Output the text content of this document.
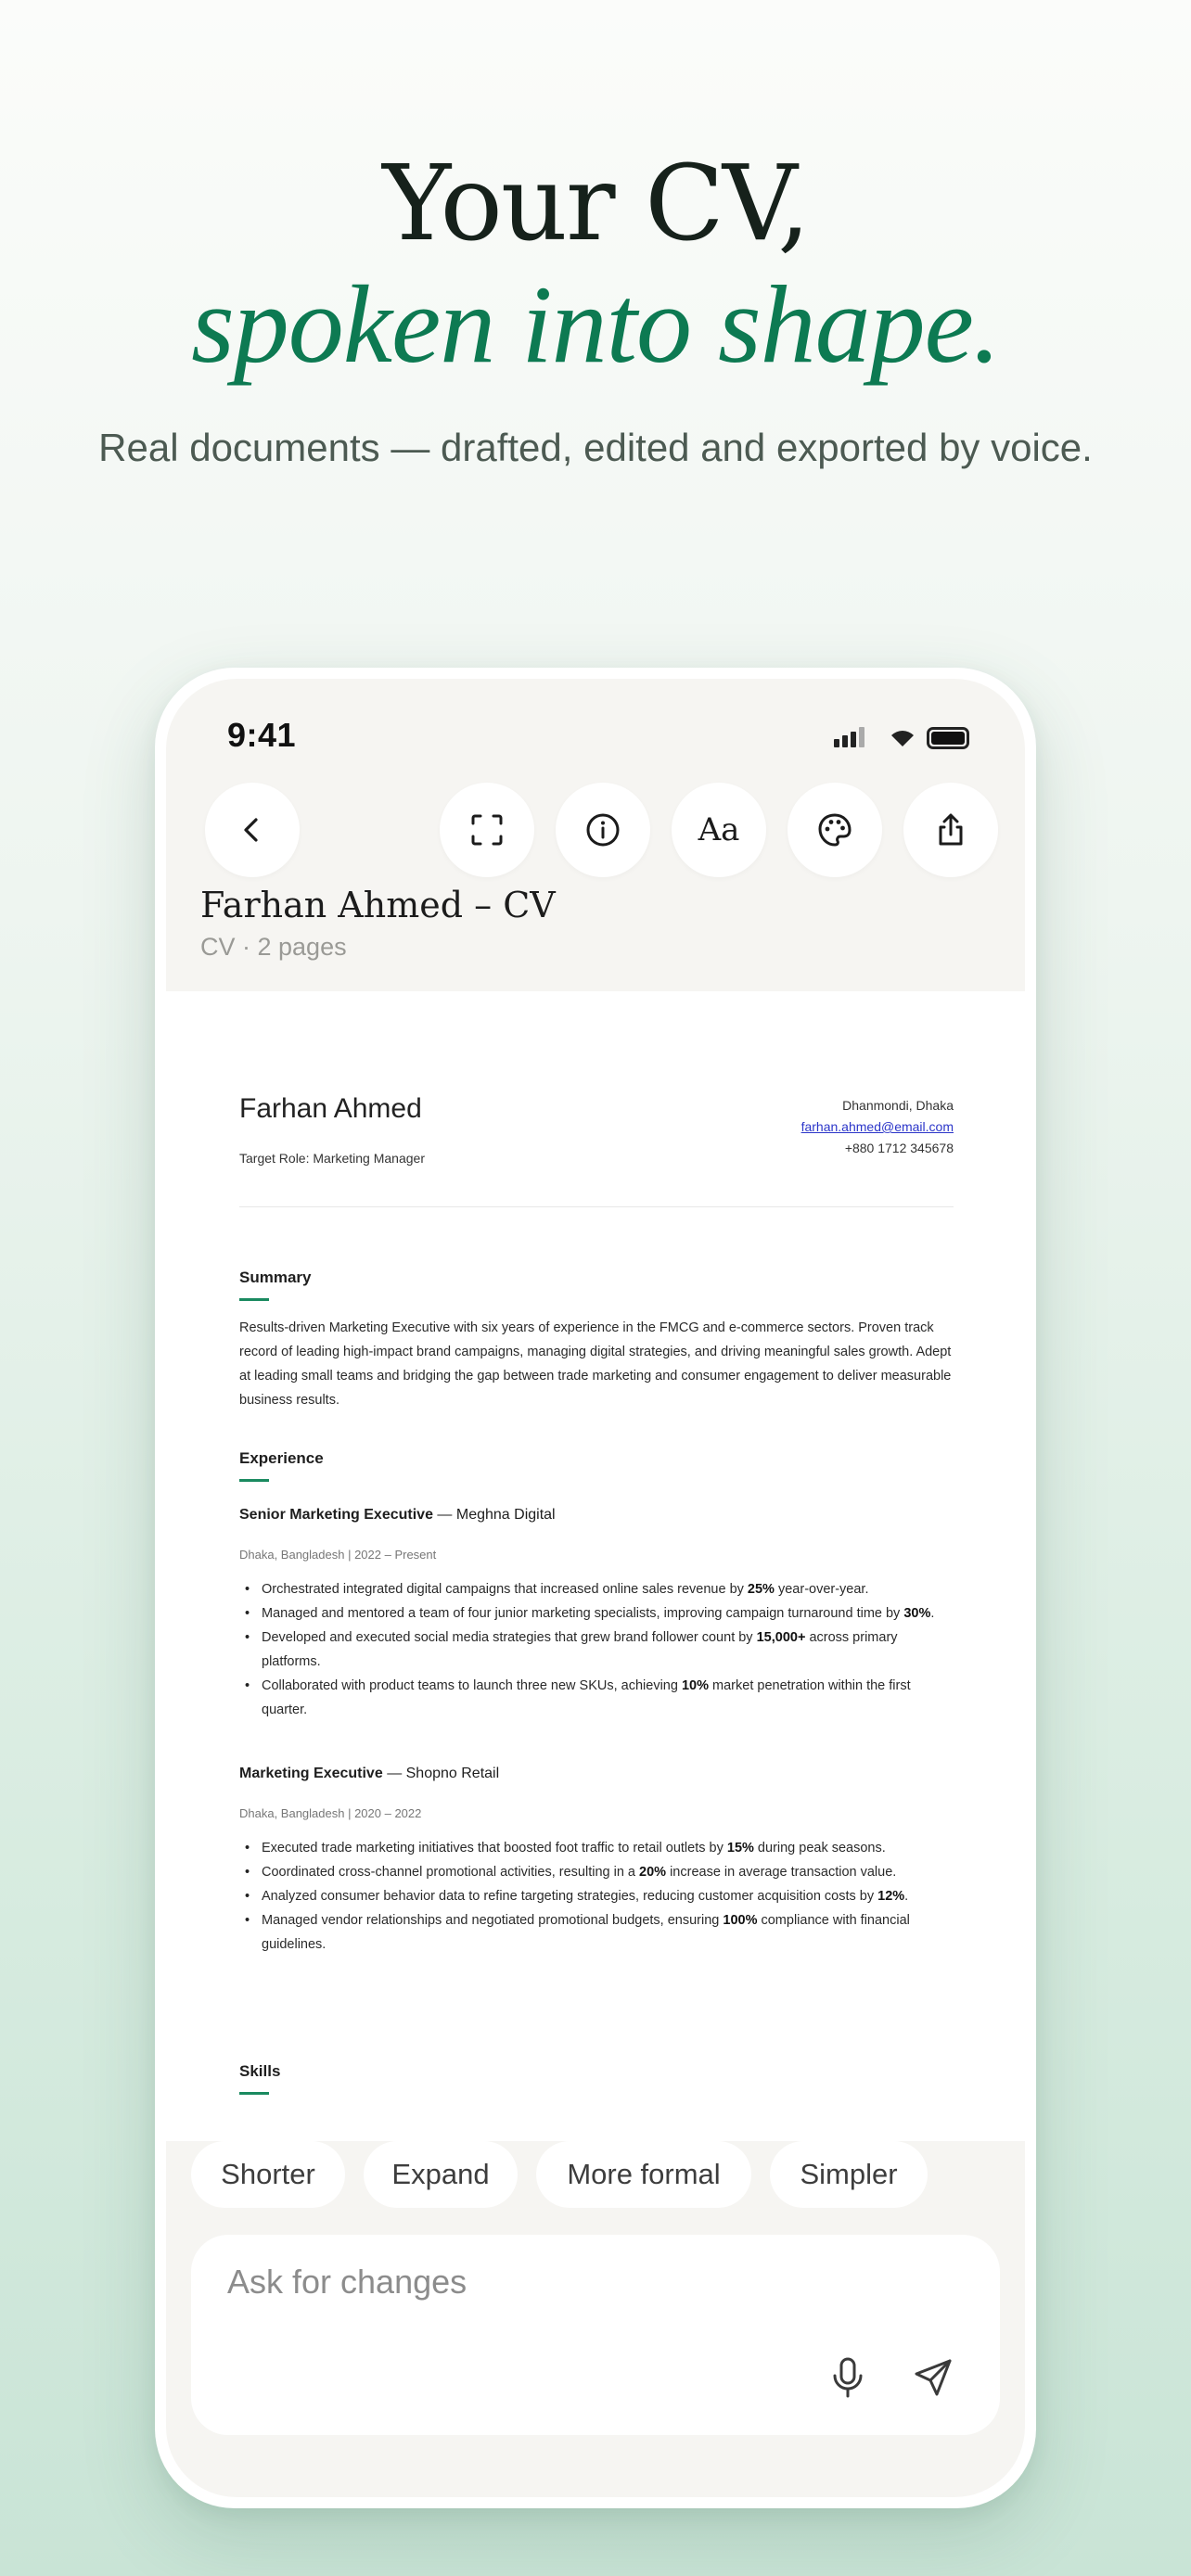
Your CV,
spoken into shape.
Real documents — drafted, edited and exported by voice.
9:41
Aa
Farhan Ahmed – CV
CV · 2 pages
Farhan Ahmed
Target Role: Marketing Manager
Dhanmondi, Dhaka
farhan.ahmed@email.com
+880 1712 345678
Summary
Results-driven Marketing Executive with six years of experience in the FMCG and e-commerce sectors. Proven track record of leading high-impact brand campaigns, managing digital strategies, and driving meaningful sales growth. Adept at leading small teams and bridging the gap between trade marketing and consumer engagement to deliver measurable business results.
Experience
Senior Marketing Executive — Meghna Digital
Dhaka, Bangladesh | 2022 – Present
• Orchestrated integrated digital campaigns that increased online sales revenue by 25% year-over-year.
• Managed and mentored a team of four junior marketing specialists, improving campaign turnaround time by 30%.
• Developed and executed social media strategies that grew brand follower count by 15,000+ across primary platforms.
• Collaborated with product teams to launch three new SKUs, achieving 10% market penetration within the first quarter.
Marketing Executive — Shopno Retail
Dhaka, Bangladesh | 2020 – 2022
• Executed trade marketing initiatives that boosted foot traffic to retail outlets by 15% during peak seasons.
• Coordinated cross-channel promotional activities, resulting in a 20% increase in average transaction value.
• Analyzed consumer behavior data to refine targeting strategies, reducing customer acquisition costs by 12%.
• Managed vendor relationships and negotiated promotional budgets, ensuring 100% compliance with financial guidelines.
Skills
Shorter	Expand	More formal	Simpler
Ask for changes
